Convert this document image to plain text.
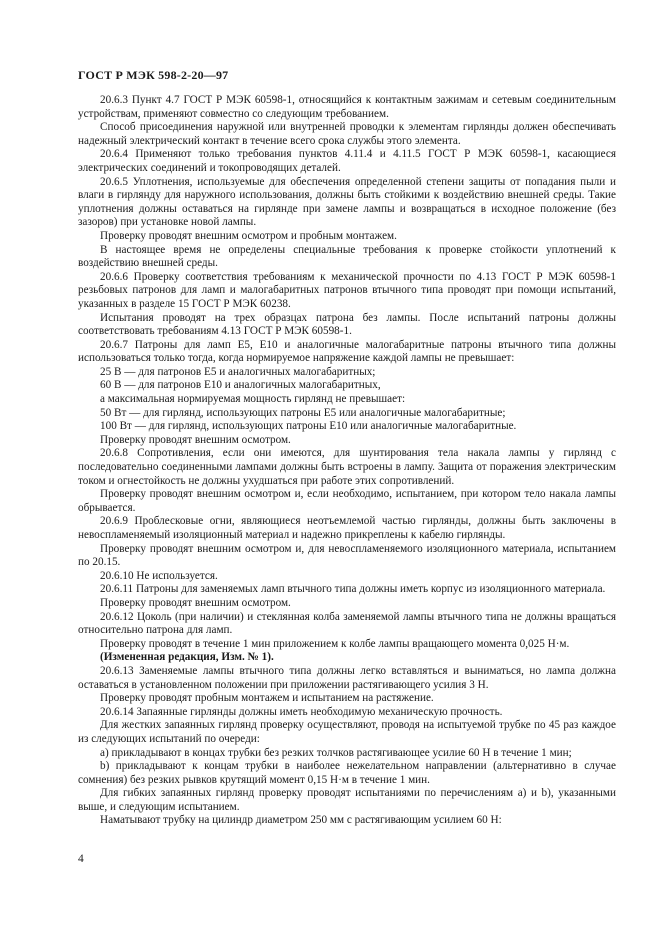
ГОСТ Р МЭК 598-2-20—97

20.6.3 Пункт 4.7 ГОСТ Р МЭК 60598-1, относящийся к контактным зажимам и сетевым соединительным устройствам, применяют совместно со следующим требованием.

Способ присоединения наружной или внутренней проводки к элементам гирлянды должен обеспечивать надежный электрический контакт в течение всего срока службы этого элемента.

20.6.4 Применяют только требования пунктов 4.11.4 и 4.11.5 ГОСТ Р МЭК 60598-1, касающиеся электрических соединений и токопроводящих деталей.

20.6.5 Уплотнения, используемые для обеспечения определенной степени защиты от попадания пыли и влаги в гирлянду для наружного использования, должны быть стойкими к воздействию внешней среды. Такие уплотнения должны оставаться на гирлянде при замене лампы и возвращаться в исходное положение (без зазоров) при установке новой лампы.

Проверку проводят внешним осмотром и пробным монтажем.

В настоящее время не определены специальные требования к проверке стойкости уплотнений к воздействию внешней среды.

20.6.6 Проверку соответствия требованиям к механической прочности по 4.13 ГОСТ Р МЭК 60598-1 резьбовых патронов для ламп и малогабаритных патронов втычного типа проводят при помощи испытаний, указанных в разделе 15 ГОСТ Р МЭК 60238.

Испытания проводят на трех образцах патрона без лампы. После испытаний патроны должны соответствовать требованиям 4.13 ГОСТ Р МЭК 60598-1.

20.6.7 Патроны для ламп E5, E10 и аналогичные малогабаритные патроны втычного типа должны использоваться только тогда, когда нормируемое напряжение каждой лампы не превышает:

25 В — для патронов E5 и аналогичных малогабаритных;

60 В — для патронов E10 и аналогичных малогабаритных,

а максимальная нормируемая мощность гирлянд не превышает:

50 Вт — для гирлянд, использующих патроны E5 или аналогичные малогабаритные;

100 Вт — для гирлянд, использующих патроны E10 или аналогичные малогабаритные.

Проверку проводят внешним осмотром.

20.6.8 Сопротивления, если они имеются, для шунтирования тела накала лампы у гирлянд с последовательно соединенными лампами должны быть встроены в лампу. Защита от поражения электрическим током и огнестойкость не должны ухудшаться при работе этих сопротивлений.

Проверку проводят внешним осмотром и, если необходимо, испытанием, при котором тело накала лампы обрывается.

20.6.9 Проблесковые огни, являющиеся неотъемлемой частью гирлянды, должны быть заключены в невоспламеняемый изоляционный материал и надежно прикреплены к кабелю гирлянды.

Проверку проводят внешним осмотром и, для невоспламеняемого изоляционного материала, испытанием по 20.15.

20.6.10 Не используется.

20.6.11 Патроны для заменяемых ламп втычного типа должны иметь корпус из изоляционного материала.

Проверку проводят внешним осмотром.

20.6.12 Цоколь (при наличии) и стеклянная колба заменяемой лампы втычного типа не должны вращаться относительно патрона для ламп.

Проверку проводят в течение 1 мин приложением к колбе лампы вращающего момента 0,025 Н·м.

(Измененная редакция, Изм. № 1).

20.6.13 Заменяемые лампы втычного типа должны легко вставляться и выниматься, но лампа должна оставаться в установленном положении при приложении растягивающего усилия 3 Н.

Проверку проводят пробным монтажем и испытанием на растяжение.

20.6.14 Запаянные гирлянды должны иметь необходимую механическую прочность.

Для жестких запаянных гирлянд проверку осуществляют, проводя на испытуемой трубке по 45 раз каждое из следующих испытаний по очереди:

а) прикладывают в концах трубки без резких толчков растягивающее усилие 60 Н в течение 1 мин;

b) прикладывают к концам трубки в наиболее нежелательном направлении (альтернативно в случае сомнения) без резких рывков крутящий момент 0,15 Н·м в течение 1 мин.

Для гибких запаянных гирлянд проверку проводят испытаниями по перечислениям а) и b), указанными выше, и следующим испытанием.

Наматывают трубку на цилиндр диаметром 250 мм с растягивающим усилием 60 Н:

4
